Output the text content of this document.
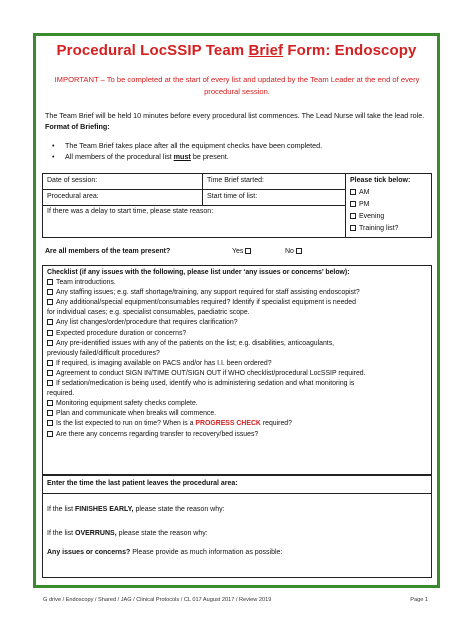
Procedural LocSSIP Team Brief Form: Endoscopy
IMPORTANT – To be completed at the start of every list and updated by the Team Leader at the end of every procedural session.
The Team Brief will be held 10 minutes before every procedural list commences. The Lead Nurse will take the lead role. Format of Briefing:
• The Team Brief takes place after all the equipment checks have been completed.
• All members of the procedural list must be present.
Date of session:	Time Brief started:
Procedural area:	Start time of list:
If there was a delay to start time, please state reason:
Please tick below:
AM
PM
Evening
Training list?
Are all members of the team present?	Yes	No
Checklist (if any issues with the following, please list under ‘any issues or concerns’ below):
Team introductions.
Any staffing issues; e.g. staff shortage/training, any support required for staff assisting endoscopist?
Any additional/special equipment/consumables required? Identify if specialist equipment is needed
for individual cases; e.g. specialist consumables, paediatric scope.
Any list changes/order/procedure that requires clarification?
Expected procedure duration or concerns?
Any pre-identified issues with any of the patients on the list; e.g. disabilities, anticoagulants,
previously failed/difficult procedures?
If required, is imaging available on PACS and/or has I.I. been ordered?
Agreement to conduct SIGN IN/TIME OUT/SIGN OUT if WHO checklist/procedural LocSSIP required.
If sedation/medication is being used, identify who is administering sedation and what monitoring is
required.
Monitoring equipment safety checks complete.
Plan and communicate when breaks will commence.
Is the list expected to run on time? When is a PROGRESS CHECK required?
Are there any concerns regarding transfer to recovery/bed issues?
Enter the time the last patient leaves the procedural area:
If the list FINISHES EARLY, please state the reason why:
If the list OVERRUNS, please state the reason why:
Any issues or concerns? Please provide as much information as possible:
G drive / Endoscopy / Shared / JAG / Clinical Protocols / CL 017 August 2017 / Review 2019	Page 1
